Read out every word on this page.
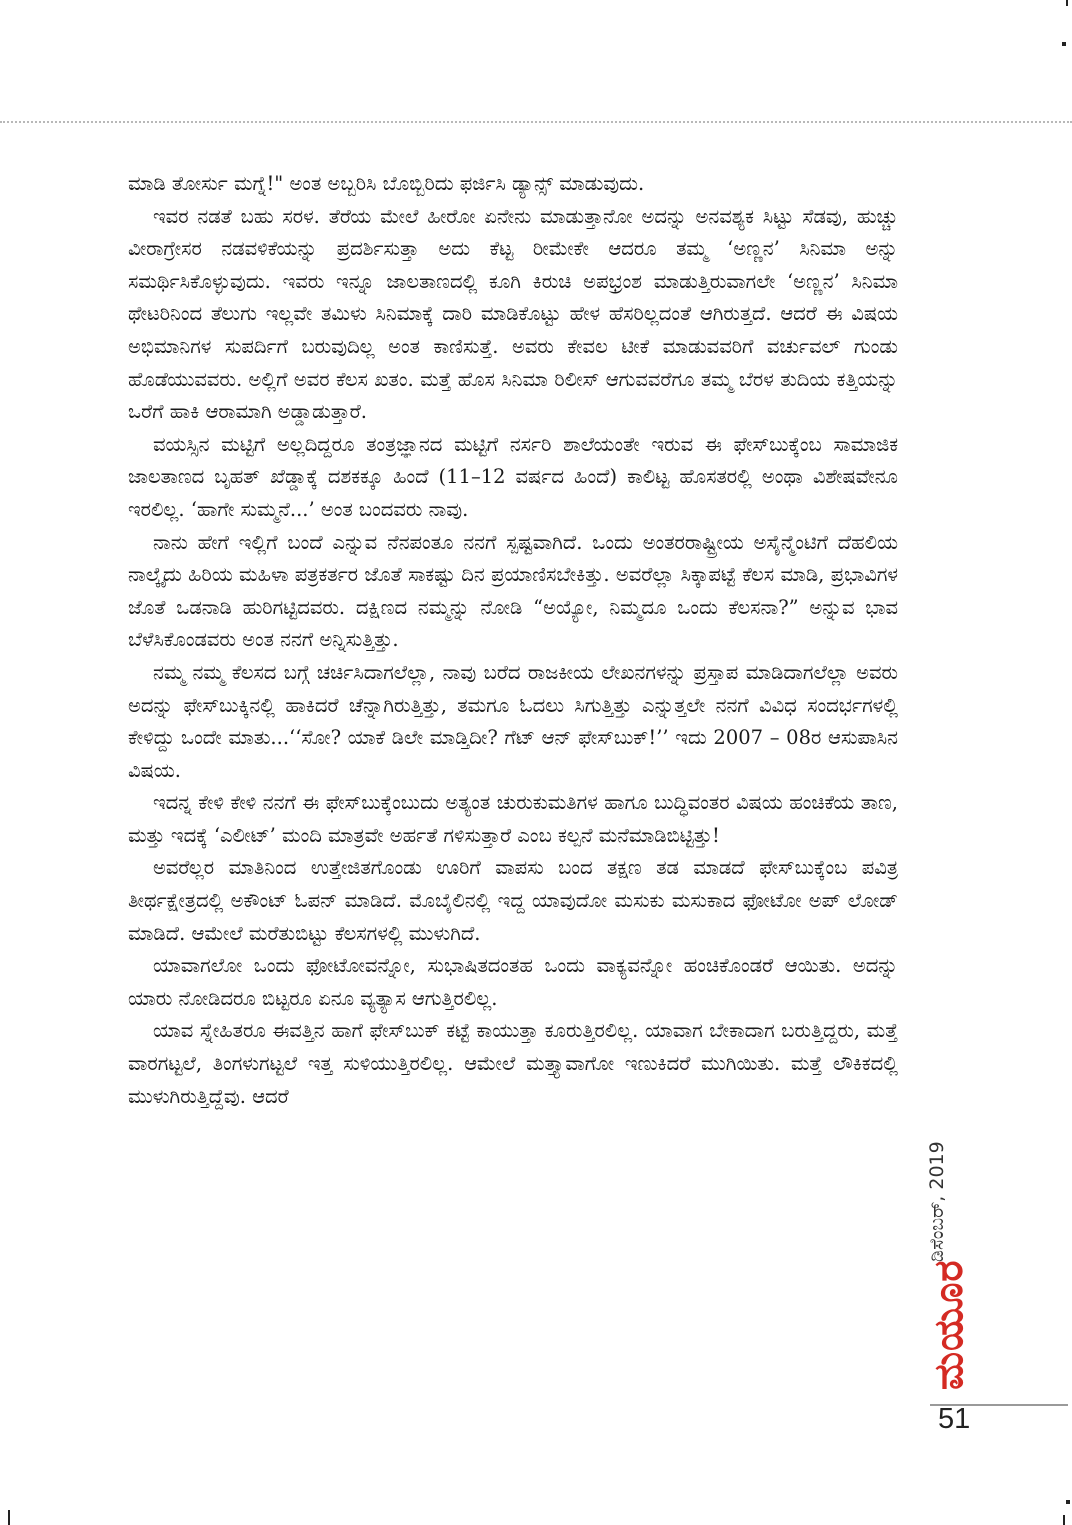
ಮಾಡಿ ತೋರ್ಸು ಮಗ್ನೆ!" ಅಂತ ಅಬ್ಬರಿಸಿ ಬೊಬ್ಬಿರಿದು ಫರ್ಜಿಸಿ ಡ್ಯಾನ್ಸ್ ಮಾಡುವುದು.

ಇವರ ನಡತೆ ಬಹು ಸರಳ. ತೆರೆಯ ಮೇಲೆ ಹೀರೋ ಏನೇನು ಮಾಡುತ್ತಾನೋ ಅದನ್ನು ಅನವಶ್ಯಕ ಸಿಟ್ಟು ಸೆಡವು, ಹುಚ್ಚು ವೀರಾಗ್ರೇಸರ ನಡವಳಿಕೆಯನ್ನು ಪ್ರದರ್ಶಿಸುತ್ತಾ ಅದು ಕೆಟ್ಟ ರೀಮೇಕೇ ಆದರೂ ತಮ್ಮ ‘ಅಣ್ಣನ’ ಸಿನಿಮಾ ಅನ್ನು ಸಮರ್ಥಿಸಿಕೊಳ್ಳುವುದು. ಇವರು ಇನ್ನೂ ಜಾಲತಾಣದಲ್ಲಿ ಕೂಗಿ ಕಿರುಚಿ ಅಪಭ್ರಂಶ ಮಾಡುತ್ತಿರುವಾಗಲೇ ‘ಅಣ್ಣನ’ ಸಿನಿಮಾ ಥೇಟರಿನಿಂದ ತೆಲುಗು ಇಲ್ಲವೇ ತಮಿಳು ಸಿನಿಮಾಕ್ಕೆ ದಾರಿ ಮಾಡಿಕೊಟ್ಟು ಹೇಳ ಹೆಸರಿಲ್ಲದಂತೆ ಆಗಿರುತ್ತದೆ. ಆದರೆ ಈ ವಿಷಯ ಅಭಿಮಾನಿಗಳ ಸುಪರ್ದಿಗೆ ಬರುವುದಿಲ್ಲ ಅಂತ ಕಾಣಿಸುತ್ತೆ. ಅವರು ಕೇವಲ ಟೀಕೆ ಮಾಡುವವರಿಗೆ ವರ್ಚುವಲ್ ಗುಂಡು ಹೊಡೆಯುವವರು. ಅಲ್ಲಿಗೆ ಅವರ ಕೆಲಸ ಖತಂ. ಮತ್ತೆ ಹೊಸ ಸಿನಿಮಾ ರಿಲೀಸ್ ಆಗುವವರೆಗೂ ತಮ್ಮ ಬೆರಳ ತುದಿಯ ಕತ್ತಿಯನ್ನು ಒರೆಗೆ ಹಾಕಿ ಆರಾಮಾಗಿ ಅಡ್ಡಾಡುತ್ತಾರೆ.

ವಯಸ್ಸಿನ ಮಟ್ಟಿಗೆ ಅಲ್ಲದಿದ್ದರೂ ತಂತ್ರಜ್ಞಾನದ ಮಟ್ಟಿಗೆ ನರ್ಸರಿ ಶಾಲೆಯಂತೇ ಇರುವ ಈ ಫೇಸ್‌ಬುಕ್ಕೆಂಬ ಸಾಮಾಜಿಕ ಜಾಲತಾಣದ ಬೃಹತ್ ಖೆಡ್ಡಾಕ್ಕೆ ದಶಕಕ್ಕೂ ಹಿಂದೆ (11–12 ವರ್ಷದ ಹಿಂದೆ) ಕಾಲಿಟ್ಟ ಹೊಸತರಲ್ಲಿ ಅಂಥಾ ವಿಶೇಷವೇನೂ ಇರಲಿಲ್ಲ. ‘ಹಾಗೇ ಸುಮ್ಮನೆ...’ ಅಂತ ಬಂದವರು ನಾವು.

ನಾನು ಹೇಗೆ ಇಲ್ಲಿಗೆ ಬಂದೆ ಎನ್ನುವ ನೆನಪಂತೂ ನನಗೆ ಸ್ಪಷ್ಟವಾಗಿದೆ. ಒಂದು ಅಂತರರಾಷ್ಟ್ರೀಯ ಅಸೈನ್ಮೆಂಟಿಗೆ ದೆಹಲಿಯ ನಾಲ್ಕೈದು ಹಿರಿಯ ಮಹಿಳಾ ಪತ್ರಕರ್ತರ ಜೊತೆ ಸಾಕಷ್ಟು ದಿನ ಪ್ರಯಾಣಿಸಬೇಕಿತ್ತು. ಅವರೆಲ್ಲಾ ಸಿಕ್ಕಾಪಟ್ಟೆ ಕೆಲಸ ಮಾಡಿ, ಪ್ರಭಾವಿಗಳ ಜೊತೆ ಒಡನಾಡಿ ಹುರಿಗಟ್ಟಿದವರು. ದಕ್ಷಿಣದ ನಮ್ಮನ್ನು ನೋಡಿ “ಅಯ್ಯೋ, ನಿಮ್ಮದೂ ಒಂದು ಕೆಲಸನಾ?” ಅನ್ನುವ ಭಾವ ಬೆಳೆಸಿಕೊಂಡವರು ಅಂತ ನನಗೆ ಅನ್ನಿಸುತ್ತಿತ್ತು.

ನಮ್ಮ ನಮ್ಮ ಕೆಲಸದ ಬಗ್ಗೆ ಚರ್ಚಿಸಿದಾಗಲೆಲ್ಲಾ, ನಾವು ಬರೆದ ರಾಜಕೀಯ ಲೇಖನಗಳನ್ನು ಪ್ರಸ್ತಾಪ ಮಾಡಿದಾಗಲೆಲ್ಲಾ ಅವರು ಅದನ್ನು ಫೇಸ್‌ಬುಕ್ಕಿನಲ್ಲಿ ಹಾಕಿದರೆ ಚೆನ್ನಾಗಿರುತ್ತಿತ್ತು, ತಮಗೂ ಓದಲು ಸಿಗುತ್ತಿತ್ತು ಎನ್ನುತ್ತಲೇ ನನಗೆ ವಿವಿಧ ಸಂದರ್ಭಗಳಲ್ಲಿ ಕೇಳಿದ್ದು ಒಂದೇ ಮಾತು...‘‘ಸೋ? ಯಾಕೆ ಡಿಲೇ ಮಾಡ್ತಿದೀ? ಗೆಟ್ ಆನ್ ಫೇಸ್‌ಬುಕ್!’’ ಇದು 2007 – 08ರ ಆಸುಪಾಸಿನ ವಿಷಯ.

ಇದನ್ನ ಕೇಳಿ ಕೇಳಿ ನನಗೆ ಈ ಫೇಸ್‌ಬುಕ್ಕೆಂಬುದು ಅತ್ಯಂತ ಚುರುಕುಮತಿಗಳ ಹಾಗೂ ಬುದ್ಧಿವಂತರ ವಿಷಯ ಹಂಚಿಕೆಯ ತಾಣ, ಮತ್ತು ಇದಕ್ಕೆ ‘ಎಲೀಟ್’ ಮಂದಿ ಮಾತ್ರವೇ ಅರ್ಹತೆ ಗಳಿಸುತ್ತಾರೆ ಎಂಬ ಕಲ್ಪನೆ ಮನೆಮಾಡಿಬಿಟ್ಟಿತ್ತು!

ಅವರೆಲ್ಲರ ಮಾತಿನಿಂದ ಉತ್ತೇಜಿತಗೊಂಡು ಊರಿಗೆ ವಾಪಸು ಬಂದ ತಕ್ಷಣ ತಡ ಮಾಡದೆ ಫೇಸ್‌ಬುಕ್ಕೆಂಬ ಪವಿತ್ರ ತೀರ್ಥಕ್ಷೇತ್ರದಲ್ಲಿ ಅಕೌಂಟ್ ಓಪನ್ ಮಾಡಿದೆ. ಮೊಬೈಲಿನಲ್ಲಿ ಇದ್ದ ಯಾವುದೋ ಮಸುಕು ಮಸುಕಾದ ಫೋಟೋ ಅಪ್ ಲೋಡ್ ಮಾಡಿದೆ. ಆಮೇಲೆ ಮರೆತುಬಿಟ್ಟು ಕೆಲಸಗಳಲ್ಲಿ ಮುಳುಗಿದೆ.

ಯಾವಾಗಲೋ ಒಂದು ಫೋಟೋವನ್ನೋ, ಸುಭಾಷಿತದಂತಹ ಒಂದು ವಾಕ್ಯವನ್ನೋ ಹಂಚಿಕೊಂಡರೆ ಆಯಿತು. ಅದನ್ನು ಯಾರು ನೋಡಿದರೂ ಬಿಟ್ಟರೂ ಏನೂ ವ್ಯತ್ಯಾಸ ಆಗುತ್ತಿರಲಿಲ್ಲ.

ಯಾವ ಸ್ನೇಹಿತರೂ ಈವತ್ತಿನ ಹಾಗೆ ಫೇಸ್‌ಬುಕ್ ಕಟ್ಟೆ ಕಾಯುತ್ತಾ ಕೂರುತ್ತಿರಲಿಲ್ಲ. ಯಾವಾಗ ಬೇಕಾದಾಗ ಬರುತ್ತಿದ್ದರು, ಮತ್ತೆ ವಾರಗಟ್ಟಲೆ, ತಿಂಗಳುಗಟ್ಟಲೆ ಇತ್ತ ಸುಳಿಯುತ್ತಿರಲಿಲ್ಲ. ಆಮೇಲೆ ಮತ್ತ್ಯಾವಾಗೋ ಇಣುಕಿದರೆ ಮುಗಿಯಿತು. ಮತ್ತೆ ಲೌಕಿಕದಲ್ಲಿ ಮುಳುಗಿರುತ್ತಿದ್ದೆವು. ಆದರೆ

ಡಿಸೆಂಬರ್, 2019
ಮಯೂರ
51
